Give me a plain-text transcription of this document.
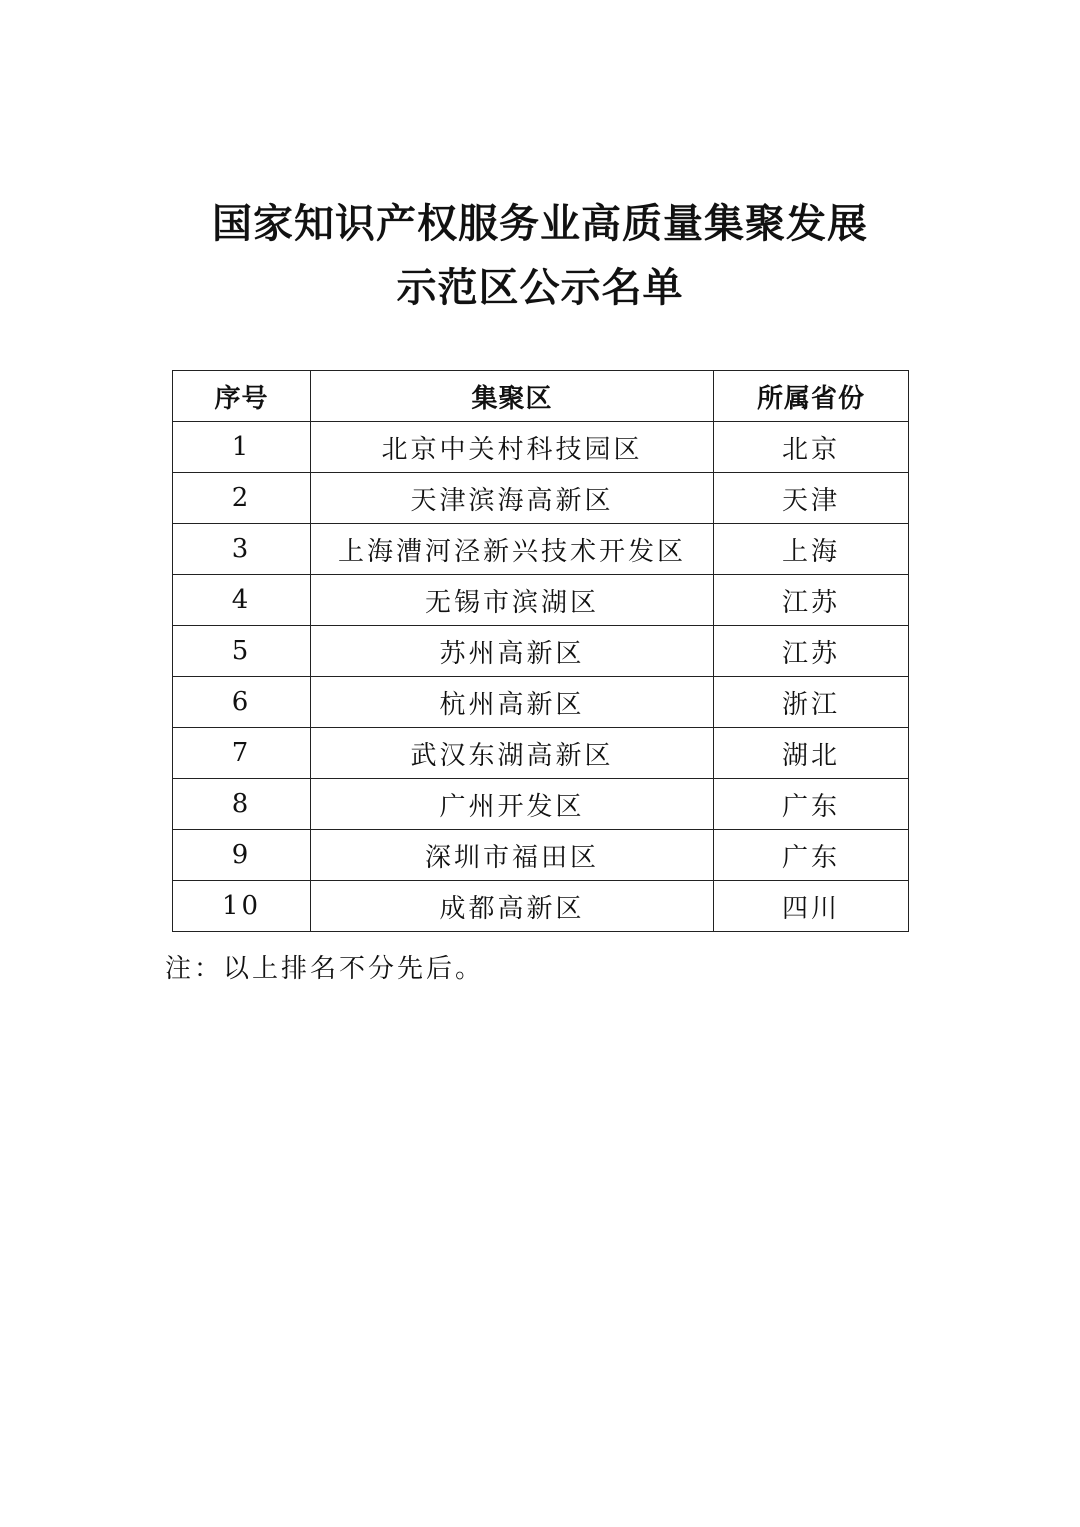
国家知识产权服务业高质量集聚发展
示范区公示名单
序号	集聚区	所属省份
1	北京中关村科技园区	北京
2	天津滨海高新区	天津
3	上海漕河泾新兴技术开发区	上海
4	无锡市滨湖区	江苏
5	苏州高新区	江苏
6	杭州高新区	浙江
7	武汉东湖高新区	湖北
8	广州开发区	广东
9	深圳市福田区	广东
10	成都高新区	四川

注：以上排名不分先后。
